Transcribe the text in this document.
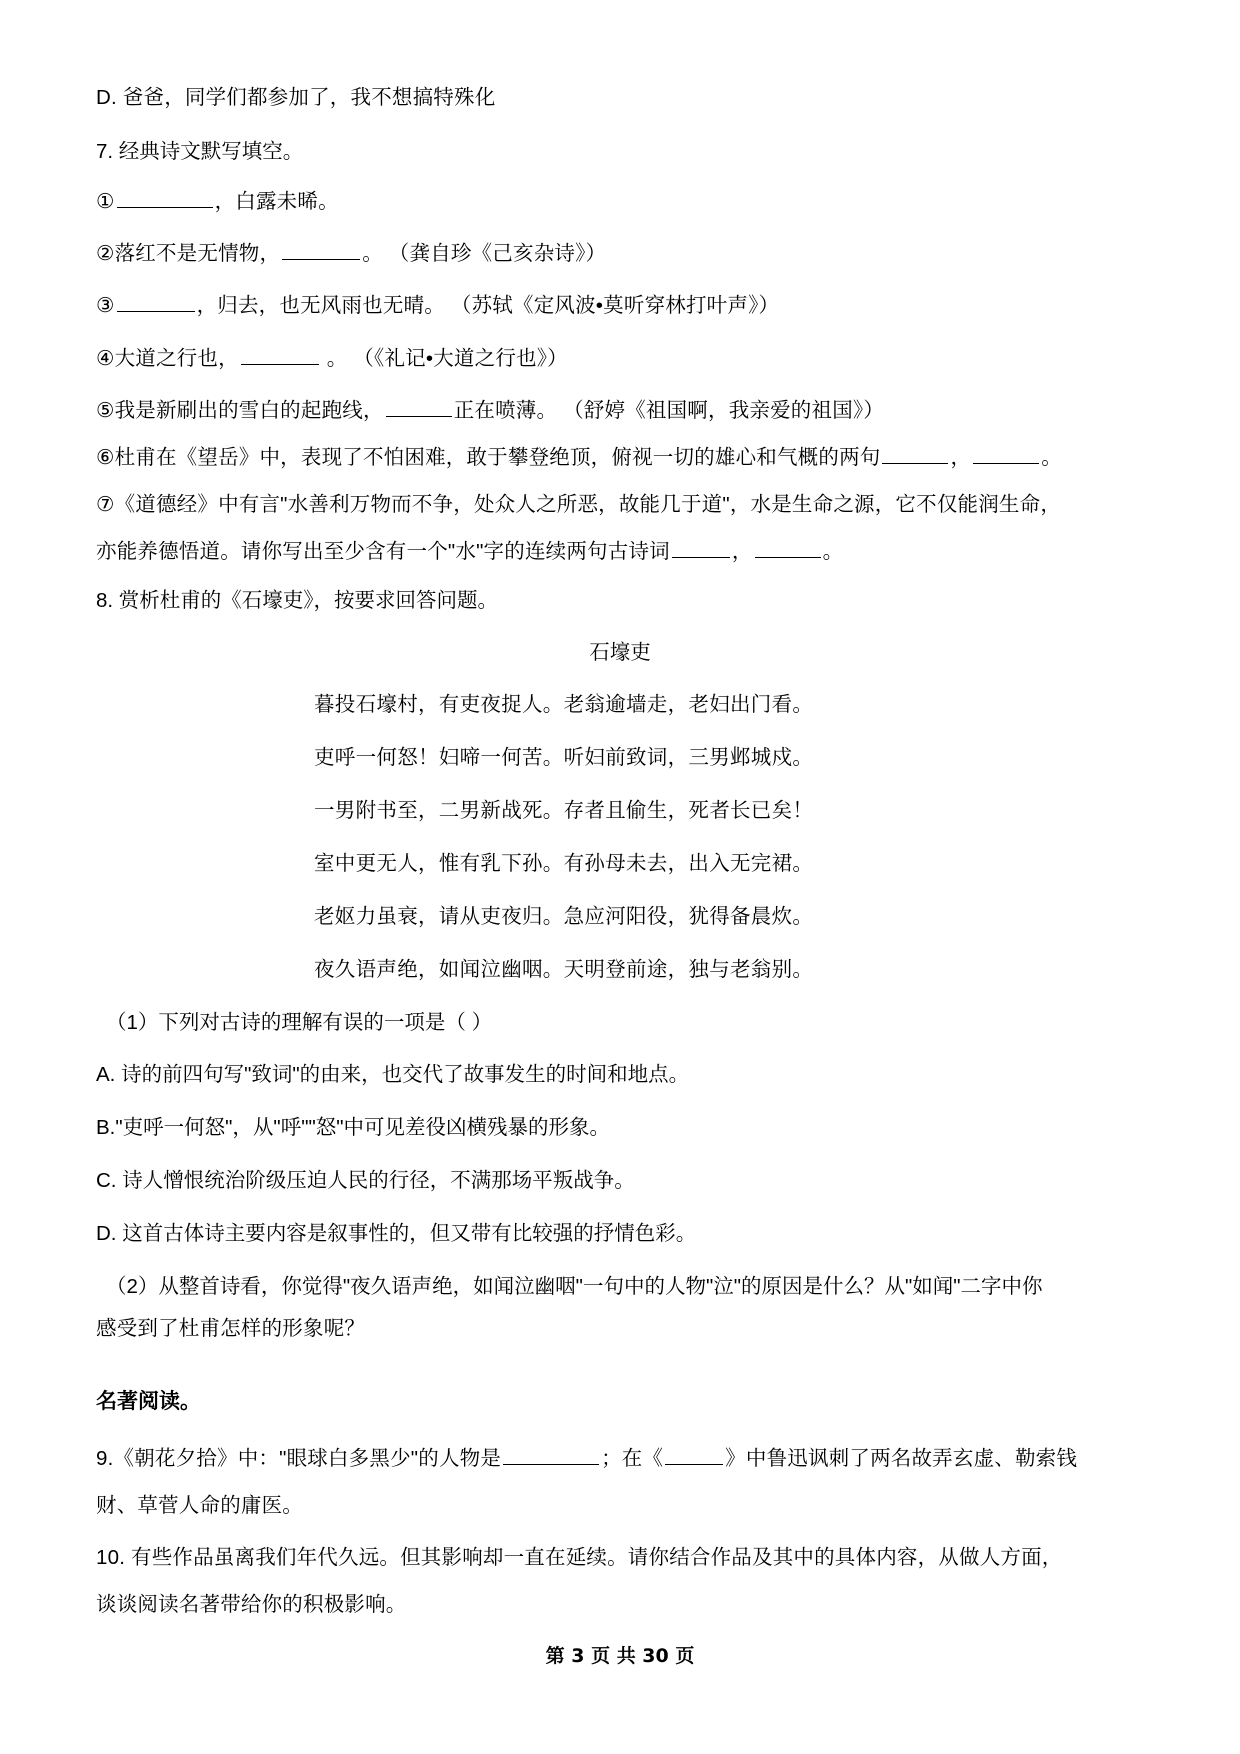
D. 爸爸，同学们都参加了，我不想搞特殊化
7. 经典诗文默写填空。
①	，白露未晞。
②落红不是无情物，	。 （龚自珍《己亥杂诗》）
③	，归去，也无风雨也无晴。 （苏轼《定风波•莫听穿林打叶声》）
④大道之行也，	。 （《礼记•大道之行也》）
⑤我是新刷出的雪白的起跑线，	正在喷薄。 （舒婷《祖国啊，我亲爱的祖国》）
⑥杜甫在《望岳》中，表现了不怕困难，敢于攀登绝顶，俯视一切的雄心和气概的两句	，	。
⑦《道德经》中有言"水善利万物而不争，处众人之所恶，故能几于道"，水是生命之源，它不仅能润生命，
亦能养德悟道。请你写出至少含有一个"水"字的连续两句古诗词	，	。
8. 赏析杜甫的《石壕吏》，按要求回答问题。
石壕吏
暮投石壕村，有吏夜捉人。老翁逾墙走，老妇出门看。
吏呼一何怒！妇啼一何苦。听妇前致词，三男邺城戍。
一男附书至，二男新战死。存者且偷生，死者长已矣！
室中更无人，惟有乳下孙。有孙母未去，出入无完裙。
老妪力虽衰，请从吏夜归。急应河阳役，犹得备晨炊。
夜久语声绝，如闻泣幽咽。天明登前途，独与老翁别。
（1）下列对古诗的理解有误的一项是（ ）
A. 诗的前四句写"致词"的由来，也交代了故事发生的时间和地点。
B."吏呼一何怒"，从"呼""怒"中可见差役凶横残暴的形象。
C. 诗人憎恨统治阶级压迫人民的行径，不满那场平叛战争。
D. 这首古体诗主要内容是叙事性的，但又带有比较强的抒情色彩。
（2）从整首诗看，你觉得"夜久语声绝，如闻泣幽咽"一句中的人物"泣"的原因是什么？从"如闻"二字中你
感受到了杜甫怎样的形象呢？
名著阅读。
9.《朝花夕拾》中："眼球白多黑少"的人物是	；在《	》中鲁迅讽刺了两名故弄玄虚、勒索钱
财、草菅人命的庸医。
10. 有些作品虽离我们年代久远。但其影响却一直在延续。请你结合作品及其中的具体内容，从做人方面，
谈谈阅读名著带给你的积极影响。
第 3 页 共 30 页
